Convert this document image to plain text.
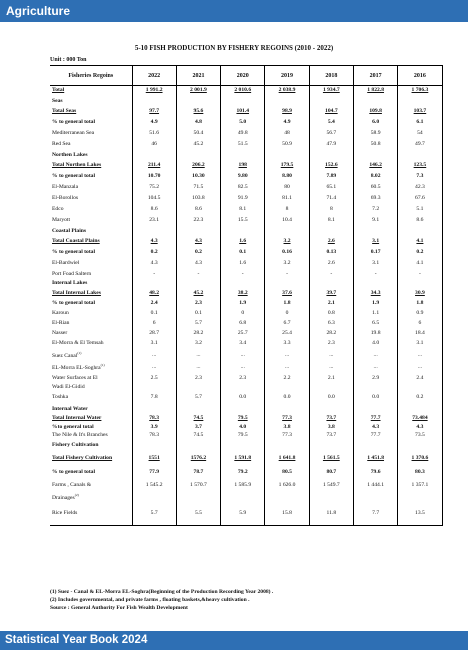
Agriculture
5-10 FISH PRODUCTION BY FISHERY REGOINS (2010 - 2022)
Unit : 000 Ton
Fisheries Regoins	2022	2021	2020	2019	2018	2017	2016
Total	1 991.2	2 001.9	2 010.6	2 038.9	1 934.7	1 822.8	1 706.3
Seas							
Total Seas	97.7	95.6	101.4	98.9	104.7	109.8	103.7
% to general total	4.9	4.8	5.0	4.9	5.4	6.0	6.1
Mediterranean Sea	51.6	50.4	49.8	48	56.7	58.9	54
Red Sea	46	45.2	51.5	50.9	47.9	50.8	49.7
Northen Lakes							
Total Northen Lakes	211.4	206.2	198	179.5	152.6	146.2	123.5
% to general total	10.70	10.30	9.80	8.80	7.89	8.02	7.3
El-Manzala	75.2	71.5	82.5	80	65.1	60.5	42.3
El-Borollos	104.5	103.8	91.9	81.1	71.4	69.3	67.6
Edco	8.6	8.6	8.1	8	8	7.2	5.1
Maryott	23.1	22.3	15.5	10.4	8.1	9.1	8.6
Coastal Plains							
Total Coastal Plains	4.3	4.3	1.6	3.2	2.6	3.1	4.1
% to general total	0.2	0.2	0.1	0.16	0.13	0.17	0.2
El-Bardwiel	4.3	4.3	1.6	3.2	2.6	3.1	4.1
Port Foad Saltern	-	-	-	-	-	-	-
Internal Lakes							
Total Internal Lakes	48.2	45.2	38.2	37.6	39.7	34.3	30.9
% to general total	2.4	2.3	1.9	1.8	2.1	1.9	1.8
Karoun	0.1	0.1	0	0	0.8	1.1	0.9
El-Rian	6	5.7	6.8	6.7	6.3	6.5	6
Nasser	28.7	28.2	25.7	25.4	28.2	19.8	18.4
El-Morra & El Temsah	3.1	3.2	3.4	3.3	2.3	4.0	3.1
Suez Canal$^{(1)}$	...	...	...	...	...	...	...
EL-Morra EL-Soghra$^{(1)}$	...	...	...	...	...	...	...
Water Surfaces at El	2.5	2.3	2.3	2.2	2.1	2.9	2.4
Wadi El-Gidid							
Toshka	7.8	5.7	0.0	0.0	0.0	0.0	0.2
Internal Water							
Total Internal Water	78.3	74.5	79.5	77.3	73.7	77.7	73.484
%to general total	3.9	3.7	4.0	3.8	3.8	4.3	4.3
The Nile & It's Branches	78.3	74.5	79.5	77.3	73.7	77.7	73.5
Fishery Cultivation							
Total Fishery Cultivation	1551	1576.2	1 591.8	1 641.8	1 561.5	1 451.8	1 370.6
% to general total	77.9	78.7	79.2	80.5	80.7	79.6	80.3
Farms , Canals &	1 545.2	1 570.7	1 585.9	1 626.0	1 549.7	1 444.1	1 357.1
Drainages$^{(2)}$							
Rice Fields	5.7	5.5	5.9	15.8	11.8	7.7	13.5
(1) Suez - Canal & EL-Morra EL-Soghra(Beginning of the Production Recording Year 2008) .
(2) Includes governmental, and private farms , floating baskets,&heavy cultivation .
Source : General Authority For Fish Wealth Development
Statistical Year Book 2024
